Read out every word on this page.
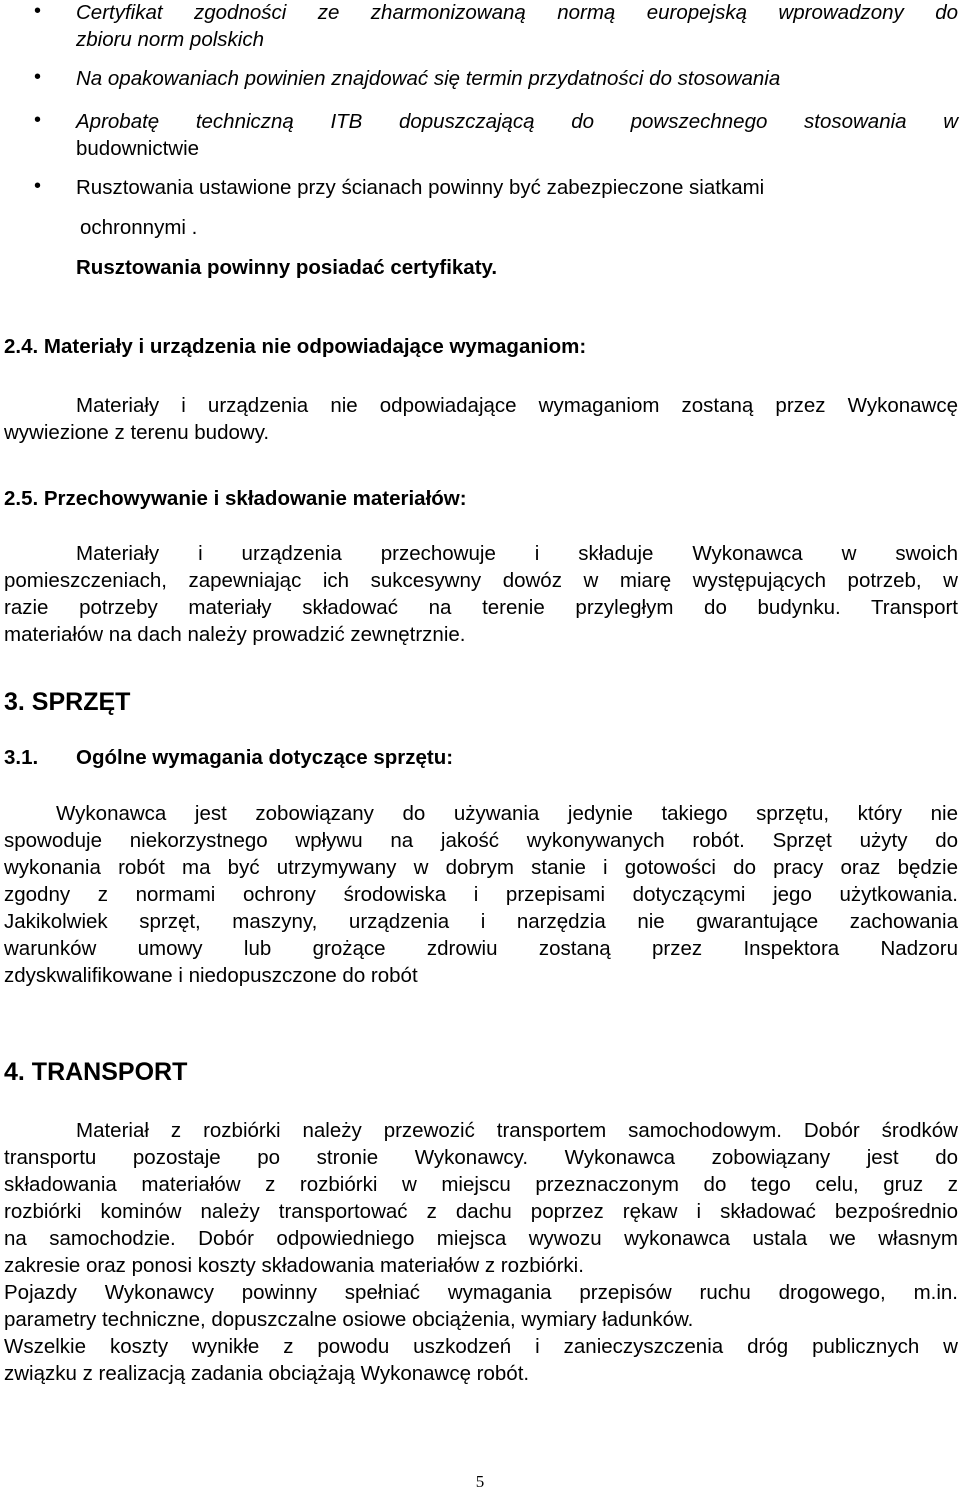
• Certyfikat zgodności ze zharmonizowaną normą europejską wprowadzony do
zbioru norm polskich
• Na opakowaniach powinien znajdować się termin przydatności do stosowania
• Aprobatę techniczną ITB dopuszczającą do powszechnego stosowania w
budownictwie
• Rusztowania ustawione przy ścianach powinny być zabezpieczone siatkami
ochronnymi .
Rusztowania powinny posiadać certyfikaty.
2.4. Materiały i urządzenia nie odpowiadające wymaganiom:
Materiały i urządzenia nie odpowiadające wymaganiom zostaną przez Wykonawcę
wywiezione z terenu budowy.
2.5. Przechowywanie i składowanie materiałów:
Materiały i urządzenia przechowuje i składuje Wykonawca w swoich
pomieszczeniach, zapewniając ich sukcesywny dowóz w miarę występujących potrzeb, w
razie potrzeby materiały składować na terenie przyległym do budynku. Transport
materiałów na dach należy prowadzić zewnętrznie.
3. SPRZĘT
3.1.	Ogólne wymagania dotyczące sprzętu:
Wykonawca jest zobowiązany do używania jedynie takiego sprzętu, który nie
spowoduje niekorzystnego wpływu na jakość wykonywanych robót. Sprzęt użyty do
wykonania robót ma być utrzymywany w dobrym stanie i gotowości do pracy oraz będzie
zgodny z normami ochrony środowiska i przepisami dotyczącymi jego użytkowania.
Jakikolwiek sprzęt, maszyny, urządzenia i narzędzia nie gwarantujące zachowania
warunków umowy lub grożące zdrowiu zostaną przez Inspektora Nadzoru
zdyskwalifikowane i niedopuszczone do robót
4. TRANSPORT
Materiał z rozbiórki należy przewozić transportem samochodowym. Dobór środków
transportu pozostaje po stronie Wykonawcy. Wykonawca zobowiązany jest do
składowania materiałów z rozbiórki w miejscu przeznaczonym do tego celu, gruz z
rozbiórki kominów należy transportować z dachu poprzez rękaw i składować bezpośrednio
na samochodzie. Dobór odpowiedniego miejsca wywozu wykonawca ustala we własnym
zakresie oraz ponosi koszty składowania materiałów z rozbiórki.
Pojazdy Wykonawcy powinny spełniać wymagania przepisów ruchu drogowego, m.in.
parametry techniczne, dopuszczalne osiowe obciążenia, wymiary ładunków.
Wszelkie koszty wynikłe z powodu uszkodzeń i zanieczyszczenia dróg publicznych w
związku z realizacją zadania obciążają Wykonawcę robót.
5
